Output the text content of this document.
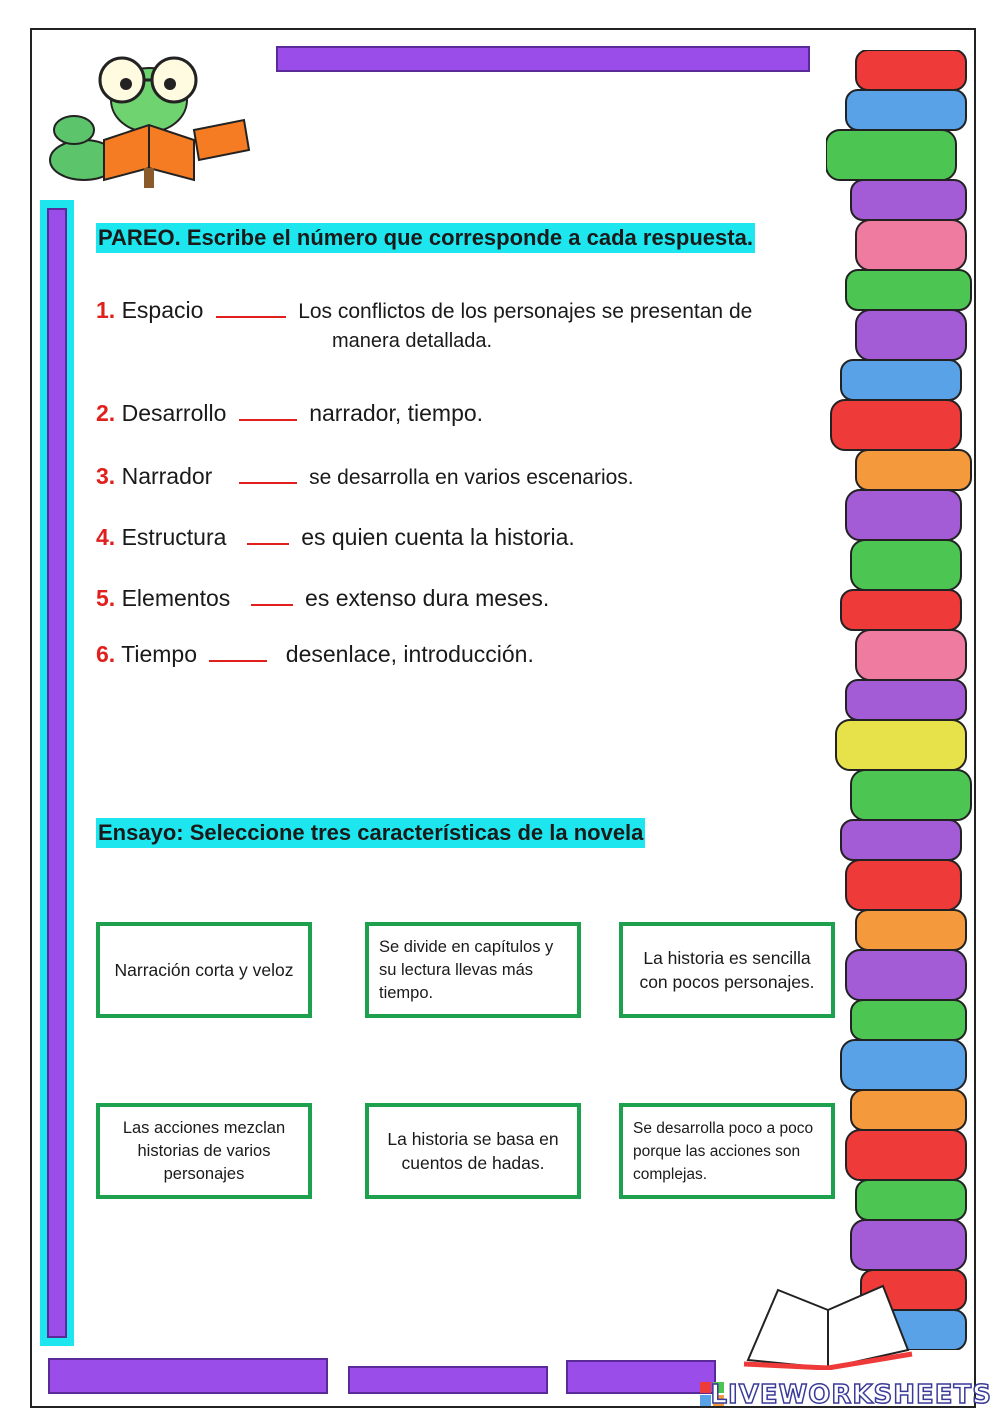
PAREO. Escribe el número que corresponde a cada respuesta.
1. Espacio	Los conflictos de los personajes se presentan de
manera detallada.
2. Desarrollo	narrador, tiempo.
3. Narrador	se desarrolla en varios escenarios.
4. Estructura	es quien cuenta la historia.
5. Elementos	es extenso dura meses.
6. Tiempo	desenlace, introducción.
Ensayo: Seleccione tres características de la novela
Narración corta y veloz
Se divide en capítulos y su lectura llevas más tiempo.
La historia es sencilla con pocos personajes.
Las acciones mezclan historias de varios personajes
La historia se basa en cuentos de hadas.
Se desarrolla poco a poco porque las acciones son complejas.
LIVEWORKSHEETS
